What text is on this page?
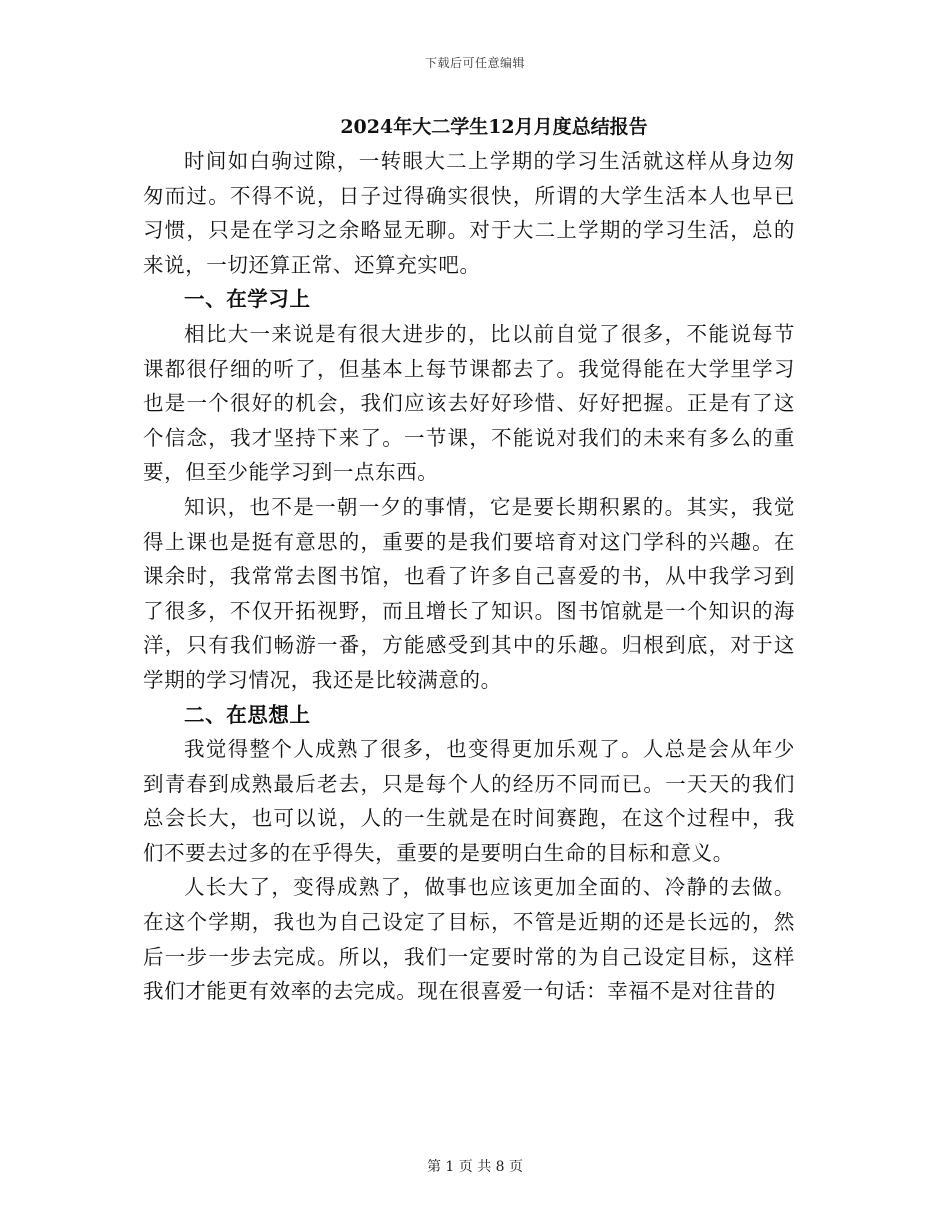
下载后可任意编辑
2024年大二学生12月月度总结报告

时间如白驹过隙，一转眼大二上学期的学习生活就这样从身边匆匆而过。不得不说，日子过得确实很快，所谓的大学生活本人也早已习惯，只是在学习之余略显无聊。对于大二上学期的学习生活，总的来说，一切还算正常、还算充实吧。

一、在学习上

相比大一来说是有很大进步的，比以前自觉了很多，不能说每节课都很仔细的听了，但基本上每节课都去了。我觉得能在大学里学习也是一个很好的机会，我们应该去好好珍惜、好好把握。正是有了这个信念，我才坚持下来了。一节课，不能说对我们的未来有多么的重要，但至少能学习到一点东西。

知识，也不是一朝一夕的事情，它是要长期积累的。其实，我觉得上课也是挺有意思的，重要的是我们要培育对这门学科的兴趣。在课余时，我常常去图书馆，也看了许多自己喜爱的书，从中我学习到了很多，不仅开拓视野，而且增长了知识。图书馆就是一个知识的海洋，只有我们畅游一番，方能感受到其中的乐趣。归根到底，对于这学期的学习情况，我还是比较满意的。

二、在思想上

我觉得整个人成熟了很多，也变得更加乐观了。人总是会从年少到青春到成熟最后老去，只是每个人的经历不同而已。一天天的我们总会长大，也可以说，人的一生就是在时间赛跑，在这个过程中，我们不要去过多的在乎得失，重要的是要明白生命的目标和意义。

人长大了，变得成熟了，做事也应该更加全面的、冷静的去做。在这个学期，我也为自己设定了目标，不管是近期的还是长远的，然后一步一步去完成。所以，我们一定要时常的为自己设定目标，这样我们才能更有效率的去完成。现在很喜爱一句话：幸福不是对往昔的

第 1 页 共 8 页
